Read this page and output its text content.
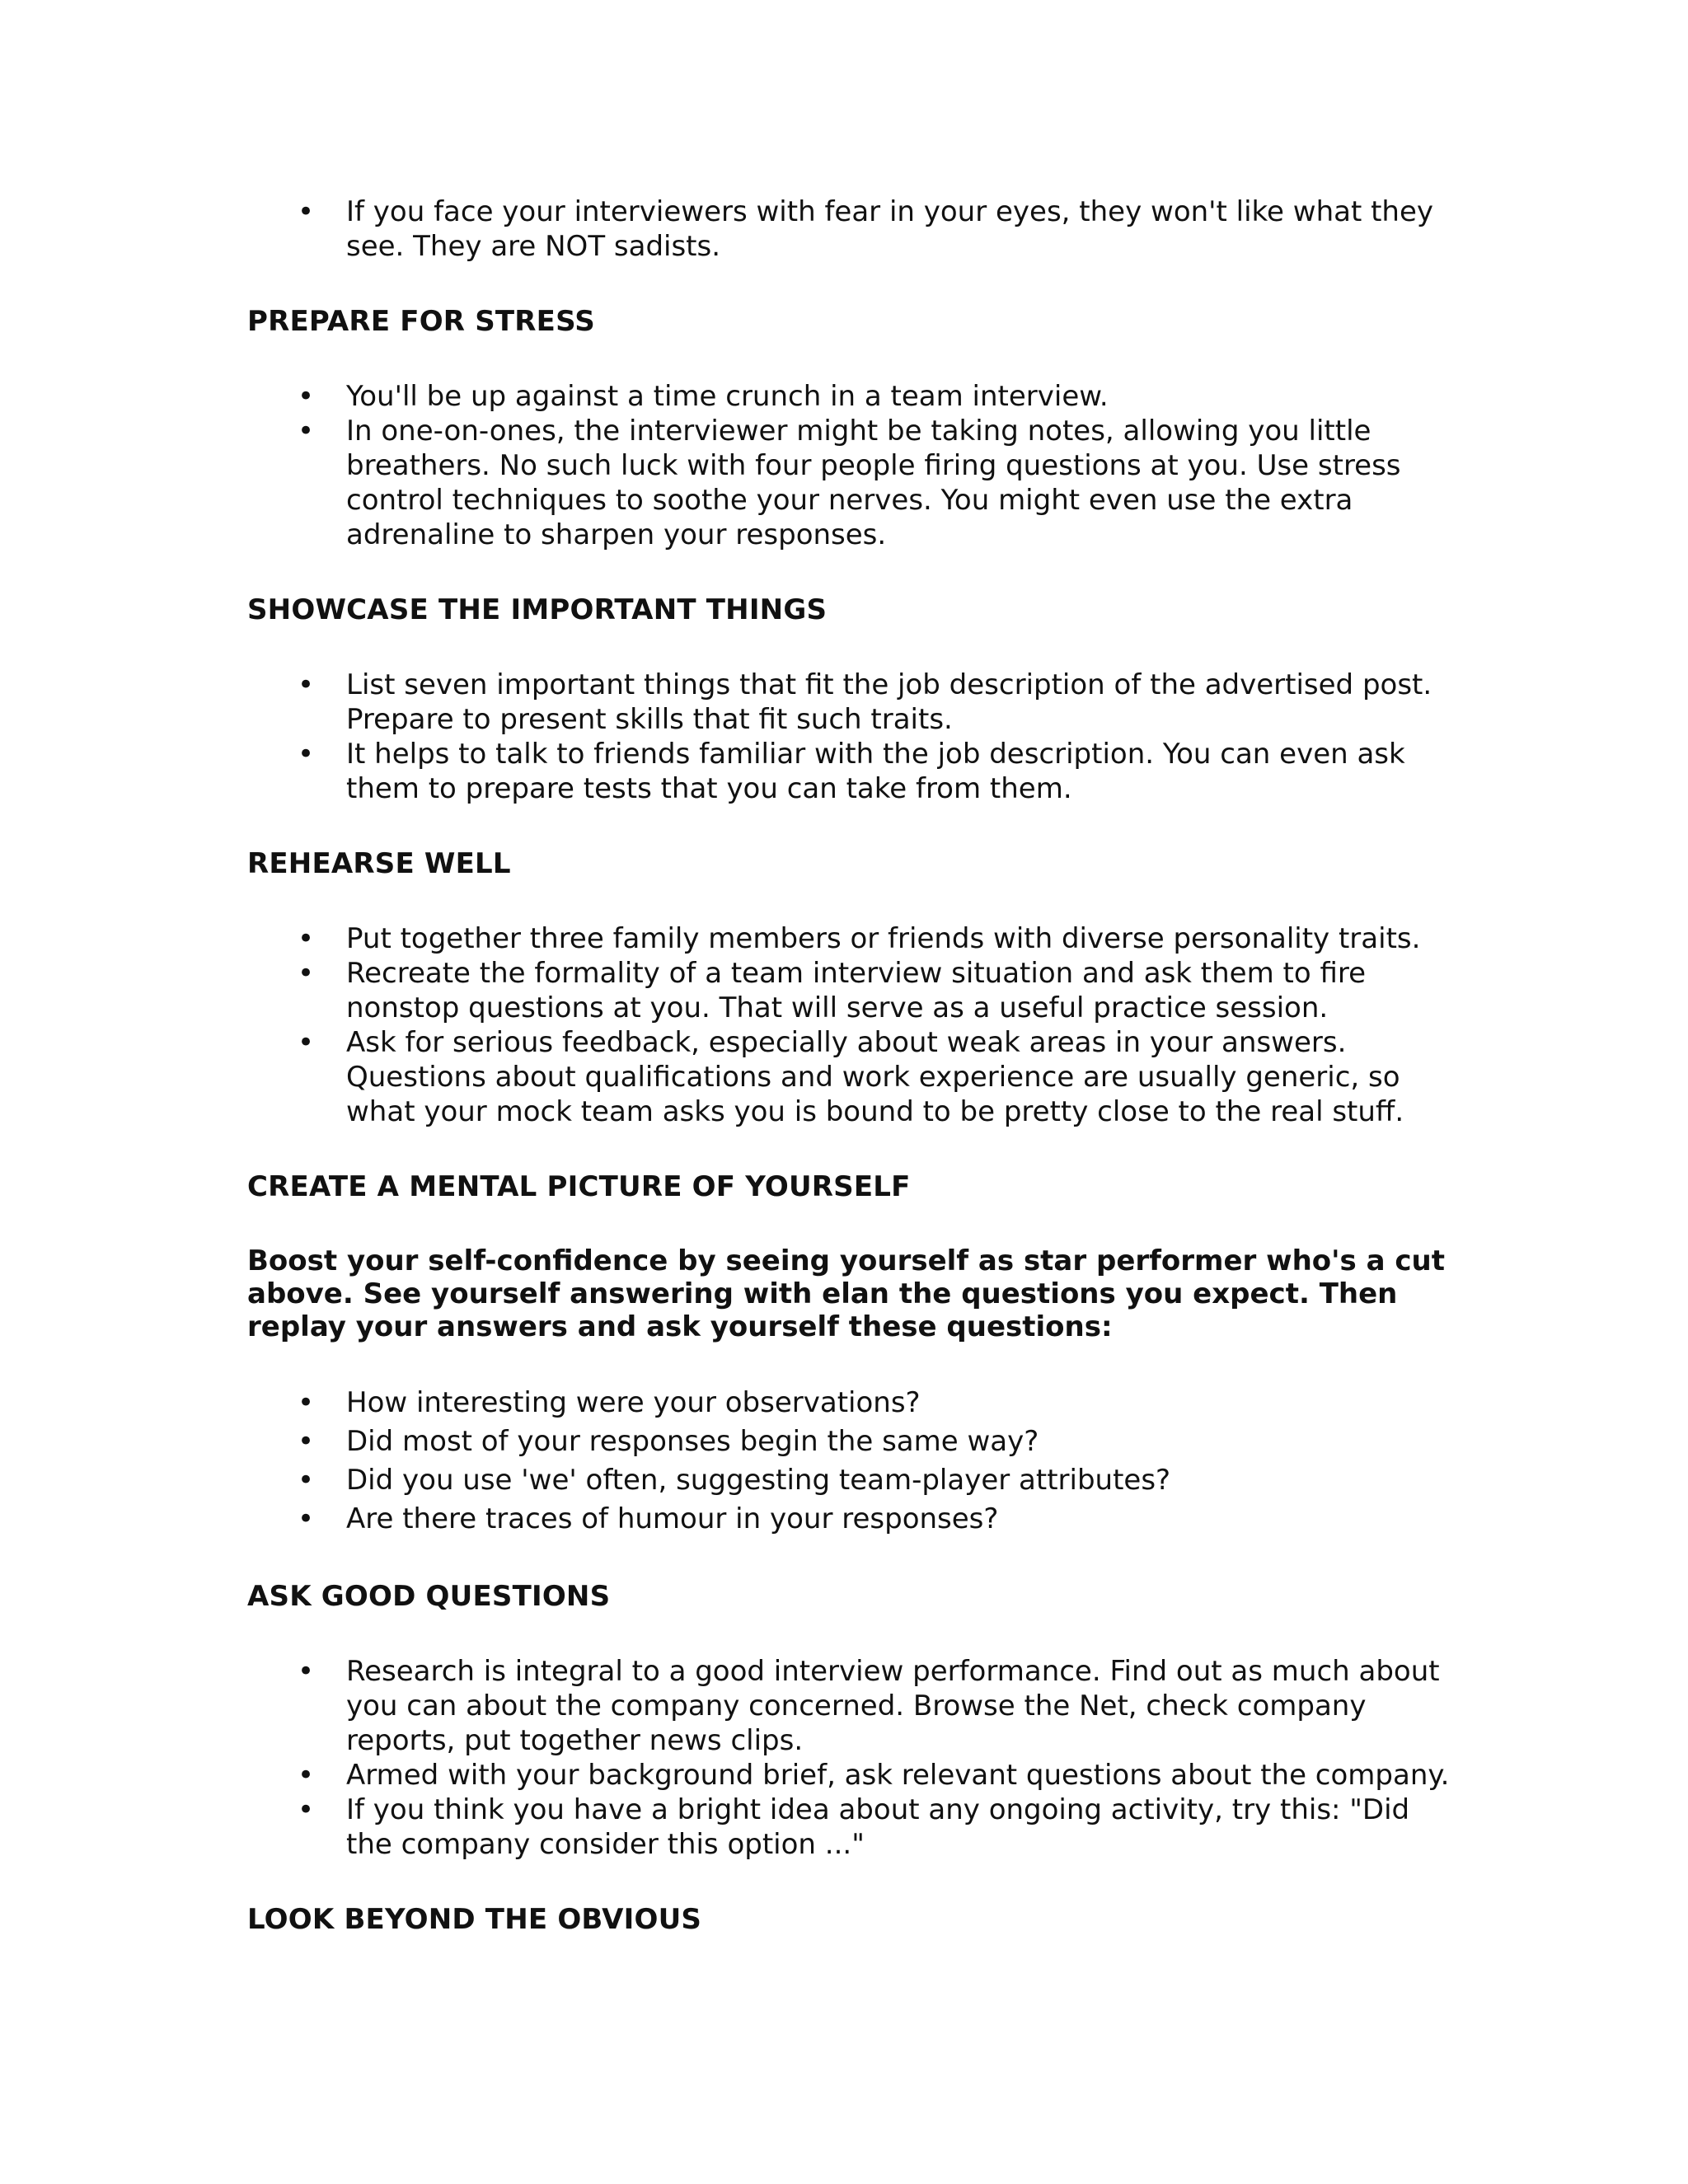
• If you face your interviewers with fear in your eyes, they won't like what they see. They are NOT sadists.
PREPARE FOR STRESS
• You'll be up against a time crunch in a team interview.
• In one-on-ones, the interviewer might be taking notes, allowing you little breathers. No such luck with four people firing questions at you. Use stress control techniques to soothe your nerves. You might even use the extra adrenaline to sharpen your responses.
SHOWCASE THE IMPORTANT THINGS
• List seven important things that fit the job description of the advertised post. Prepare to present skills that fit such traits.
• It helps to talk to friends familiar with the job description. You can even ask them to prepare tests that you can take from them.
REHEARSE WELL
• Put together three family members or friends with diverse personality traits.
• Recreate the formality of a team interview situation and ask them to fire nonstop questions at you. That will serve as a useful practice session.
• Ask for serious feedback, especially about weak areas in your answers. Questions about qualifications and work experience are usually generic, so what your mock team asks you is bound to be pretty close to the real stuff.
CREATE A MENTAL PICTURE OF YOURSELF

Boost your self-confidence by seeing yourself as star performer who's a cut above. See yourself answering with elan the questions you expect. Then replay your answers and ask yourself these questions:

• How interesting were your observations?
• Did most of your responses begin the same way?
• Did you use 'we' often, suggesting team-player attributes?
• Are there traces of humour in your responses?
ASK GOOD QUESTIONS
• Research is integral to a good interview performance. Find out as much about you can about the company concerned. Browse the Net, check company reports, put together news clips.
• Armed with your background brief, ask relevant questions about the company.
• If you think you have a bright idea about any ongoing activity, try this: "Did the company consider this option ..."
LOOK BEYOND THE OBVIOUS
